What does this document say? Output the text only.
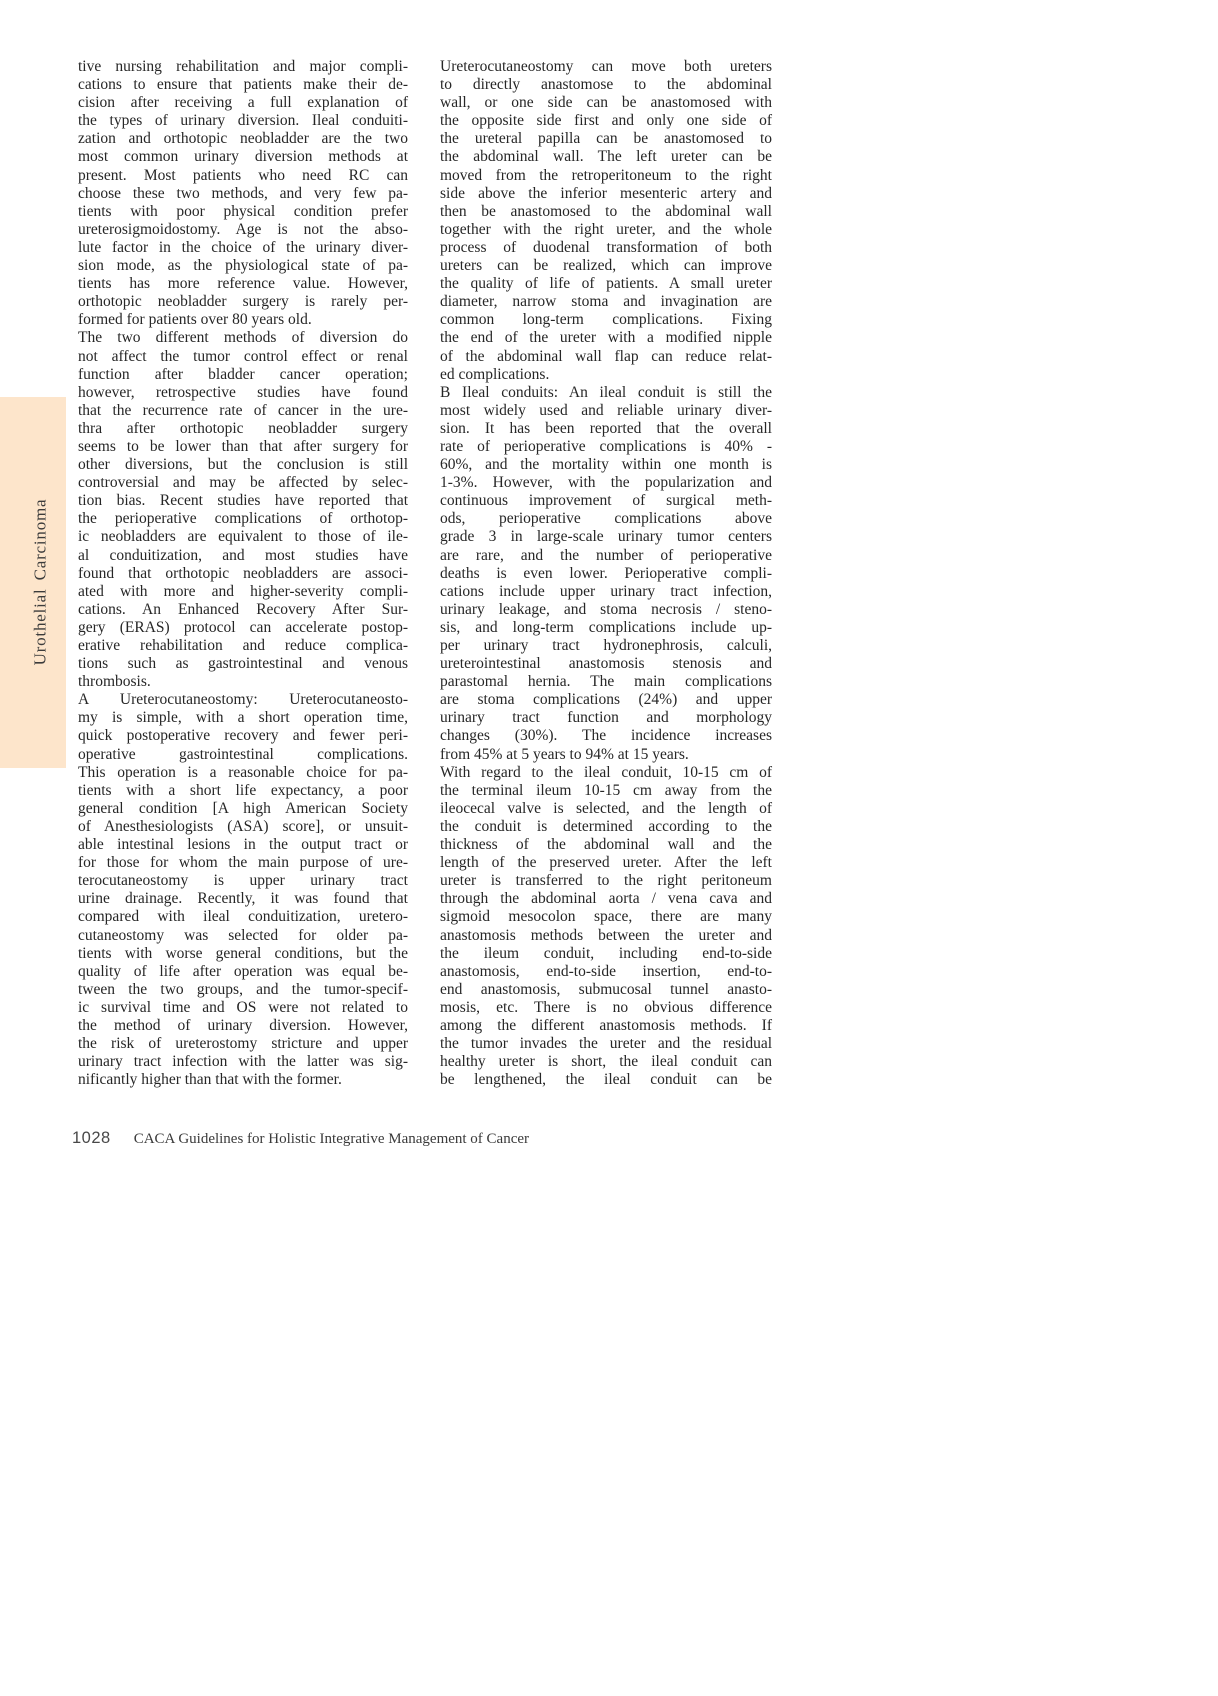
Urothelial Carcinoma
tive nursing rehabilitation and major compli-
cations to ensure that patients make their de-
cision after receiving a full explanation of
the types of urinary diversion. Ileal conduiti-
zation and orthotopic neobladder are the two
most common urinary diversion methods at
present. Most patients who need RC can
choose these two methods, and very few pa-
tients with poor physical condition prefer
ureterosigmoidostomy. Age is not the abso-
lute factor in the choice of the urinary diver-
sion mode, as the physiological state of pa-
tients has more reference value. However,
orthotopic neobladder surgery is rarely per-
formed for patients over 80 years old.
The two different methods of diversion do
not affect the tumor control effect or renal
function after bladder cancer operation;
however, retrospective studies have found
that the recurrence rate of cancer in the ure-
thra after orthotopic neobladder surgery
seems to be lower than that after surgery for
other diversions, but the conclusion is still
controversial and may be affected by selec-
tion bias. Recent studies have reported that
the perioperative complications of orthotop-
ic neobladders are equivalent to those of ile-
al conduitization, and most studies have
found that orthotopic neobladders are associ-
ated with more and higher-severity compli-
cations. An Enhanced Recovery After Sur-
gery (ERAS) protocol can accelerate postop-
erative rehabilitation and reduce complica-
tions such as gastrointestinal and venous
thrombosis.
A Ureterocutaneostomy: Ureterocutaneosto-
my is simple, with a short operation time,
quick postoperative recovery and fewer peri-
operative gastrointestinal complications.
This operation is a reasonable choice for pa-
tients with a short life expectancy, a poor
general condition [A high American Society
of Anesthesiologists (ASA) score], or unsuit-
able intestinal lesions in the output tract or
for those for whom the main purpose of ure-
terocutaneostomy is upper urinary tract
urine drainage. Recently, it was found that
compared with ileal conduitization, uretero-
cutaneostomy was selected for older pa-
tients with worse general conditions, but the
quality of life after operation was equal be-
tween the two groups, and the tumor-specif-
ic survival time and OS were not related to
the method of urinary diversion. However,
the risk of ureterostomy stricture and upper
urinary tract infection with the latter was sig-
nificantly higher than that with the former.
Ureterocutaneostomy can move both ureters
to directly anastomose to the abdominal
wall, or one side can be anastomosed with
the opposite side first and only one side of
the ureteral papilla can be anastomosed to
the abdominal wall. The left ureter can be
moved from the retroperitoneum to the right
side above the inferior mesenteric artery and
then be anastomosed to the abdominal wall
together with the right ureter, and the whole
process of duodenal transformation of both
ureters can be realized, which can improve
the quality of life of patients. A small ureter
diameter, narrow stoma and invagination are
common long-term complications. Fixing
the end of the ureter with a modified nipple
of the abdominal wall flap can reduce relat-
ed complications.
B Ileal conduits: An ileal conduit is still the
most widely used and reliable urinary diver-
sion. It has been reported that the overall
rate of perioperative complications is 40% -
60%, and the mortality within one month is
1-3%. However, with the popularization and
continuous improvement of surgical meth-
ods, perioperative complications above
grade 3 in large-scale urinary tumor centers
are rare, and the number of perioperative
deaths is even lower. Perioperative compli-
cations include upper urinary tract infection,
urinary leakage, and stoma necrosis / steno-
sis, and long-term complications include up-
per urinary tract hydronephrosis, calculi,
ureterointestinal anastomosis stenosis and
parastomal hernia. The main complications
are stoma complications (24%) and upper
urinary tract function and morphology
changes (30%). The incidence increases
from 45% at 5 years to 94% at 15 years.
With regard to the ileal conduit, 10-15 cm of
the terminal ileum 10-15 cm away from the
ileocecal valve is selected, and the length of
the conduit is determined according to the
thickness of the abdominal wall and the
length of the preserved ureter. After the left
ureter is transferred to the right peritoneum
through the abdominal aorta / vena cava and
sigmoid mesocolon space, there are many
anastomosis methods between the ureter and
the ileum conduit, including end-to-side
anastomosis, end-to-side insertion, end-to-
end anastomosis, submucosal tunnel anasto-
mosis, etc. There is no obvious difference
among the different anastomosis methods. If
the tumor invades the ureter and the residual
healthy ureter is short, the ileal conduit can
be lengthened, the ileal conduit can be
1028 CACA Guidelines for Holistic Integrative Management of Cancer
